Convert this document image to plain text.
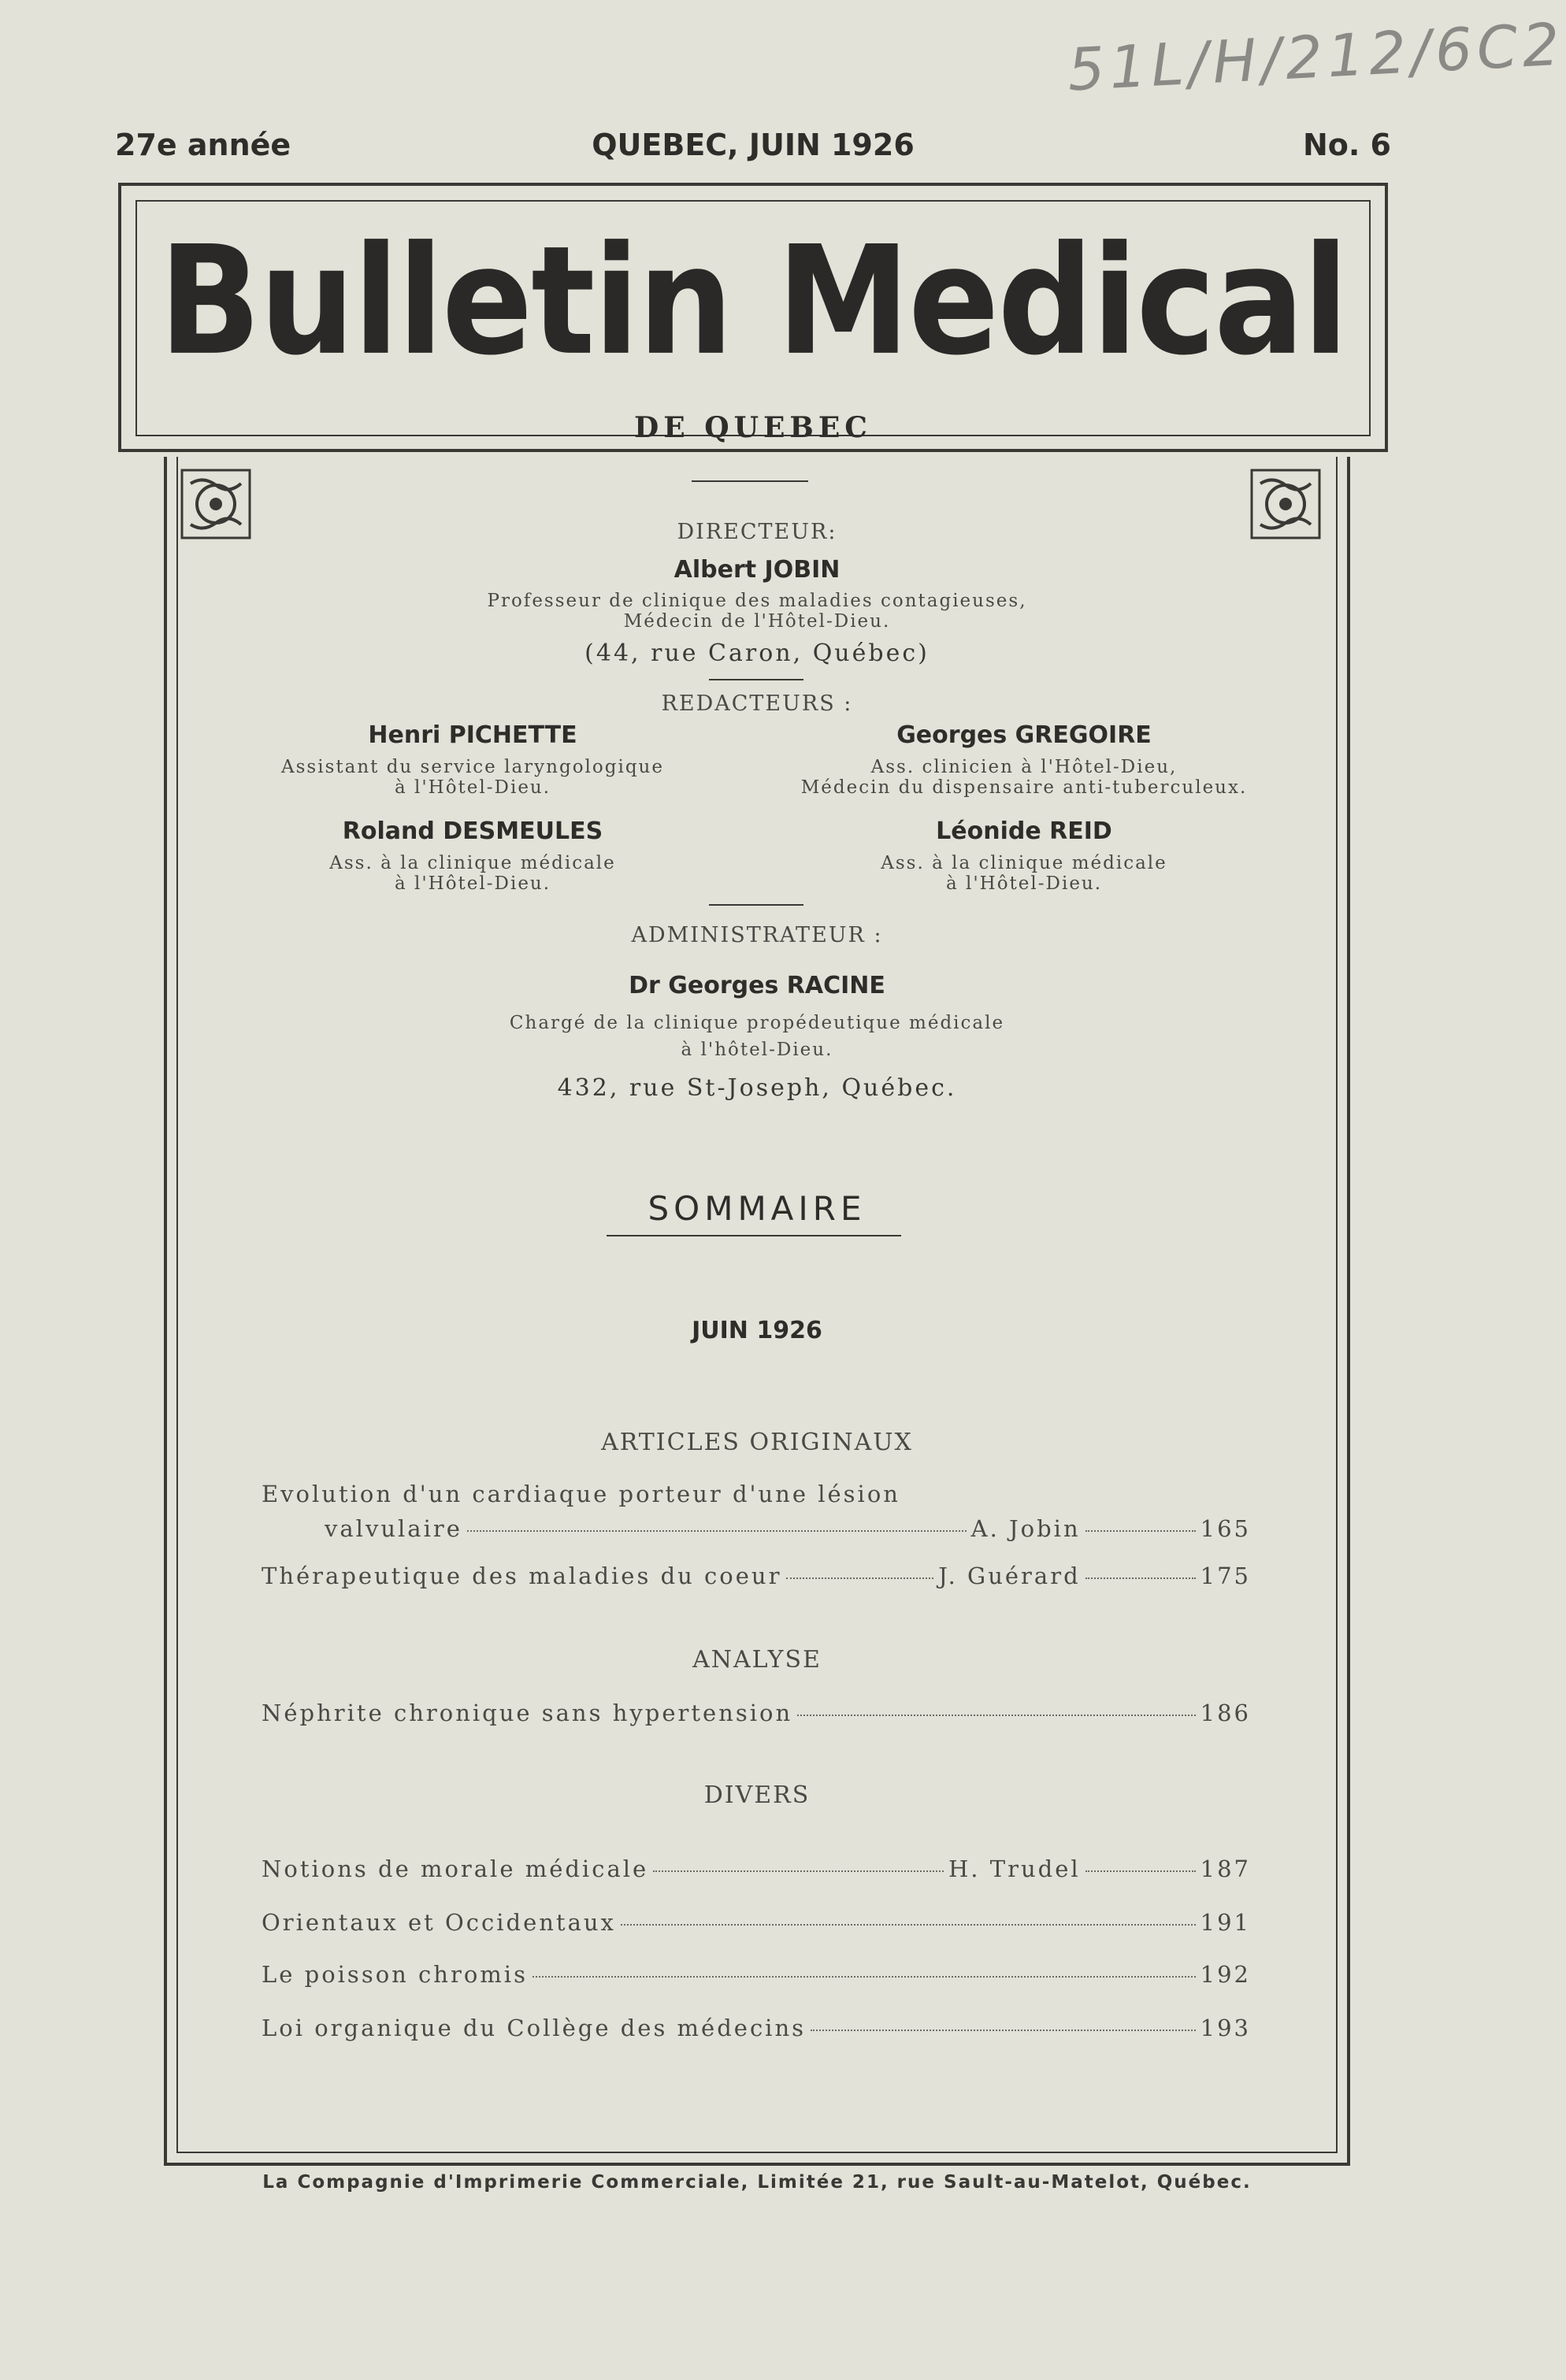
51L/H/212/6C2
27e année	QUEBEC, JUIN 1926	No. 6
Bulletin Medical
DE QUEBEC
DIRECTEUR:
Albert JOBIN
Professeur de clinique des maladies contagieuses,
Médecin de l'Hôtel-Dieu.
(44, rue Caron, Québec)
REDACTEURS :
Henri PICHETTE
Assistant du service laryngologique
à l'Hôtel-Dieu.
Georges GREGOIRE
Ass. clinicien à l'Hôtel-Dieu,
Médecin du dispensaire anti-tuberculeux.
Roland DESMEULES
Ass. à la clinique médicale
à l'Hôtel-Dieu.
Léonide REID
Ass. à la clinique médicale
à l'Hôtel-Dieu.
ADMINISTRATEUR :
Dr Georges RACINE
Chargé de la clinique propédeutique médicale
à l'hôtel-Dieu.
432, rue St-Joseph, Québec.
SOMMAIRE
JUIN 1926
ARTICLES ORIGINAUX
Evolution d'un cardiaque porteur d'une lésion
valvulaire	A. Jobin	165
Thérapeutique des maladies du coeur	J. Guérard	175
ANALYSE
Néphrite chronique sans hypertension	186
DIVERS
Notions de morale médicale	H. Trudel	187
Orientaux et Occidentaux	191
Le poisson chromis	192
Loi organique du Collège des médecins	193
La Compagnie d'Imprimerie Commerciale, Limitée 21, rue Sault-au-Matelot, Québec.
